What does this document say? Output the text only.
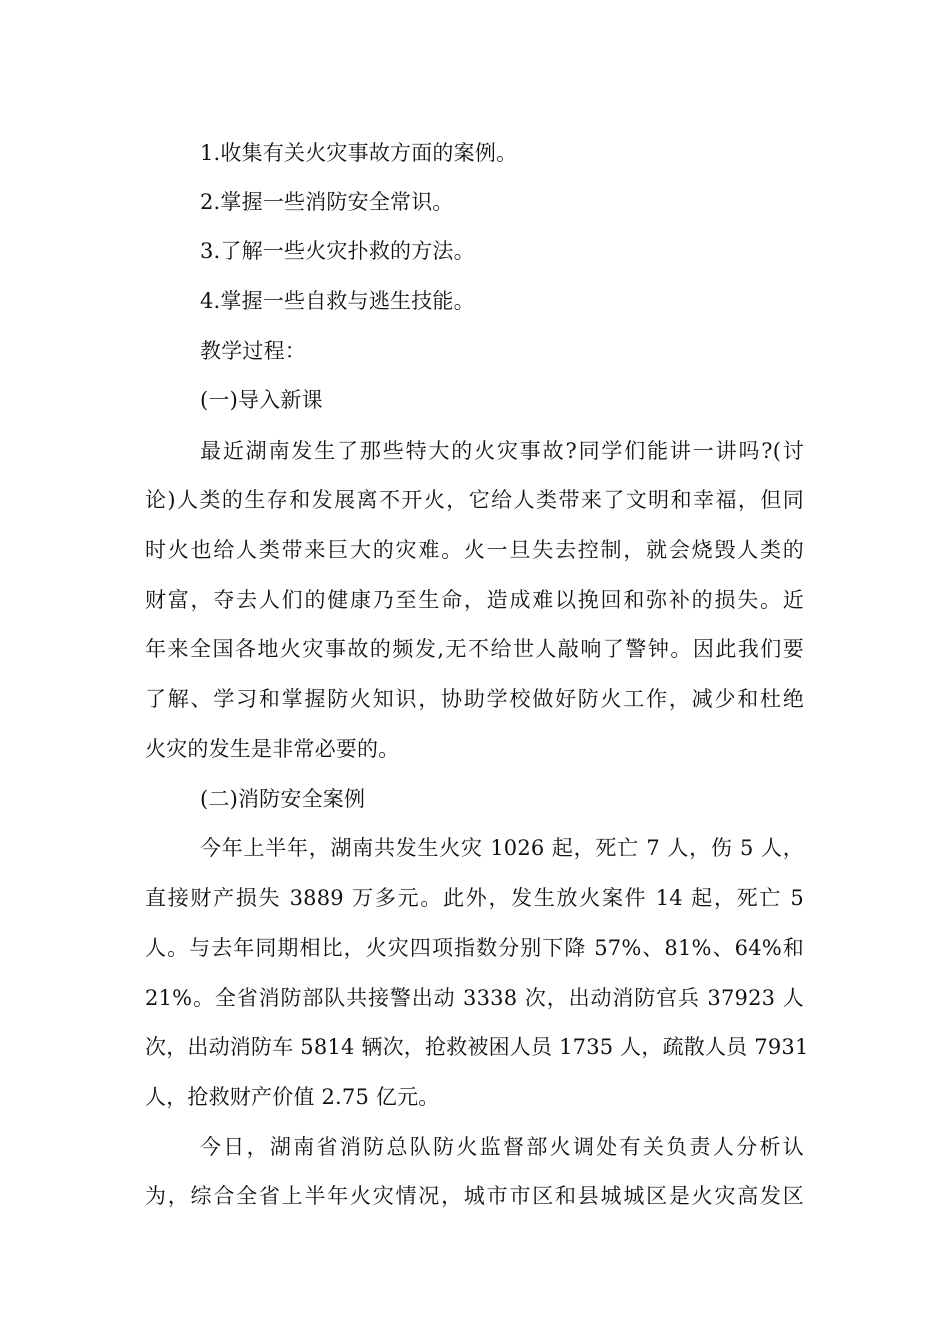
1.收集有关火灾事故方面的案例。
2.掌握一些消防安全常识。
3.了解一些火灾扑救的方法。
4.掌握一些自救与逃生技能。
教学过程：
(一)导入新课
最近湖南发生了那些特大的火灾事故?同学们能讲一讲吗?(讨
论)人类的生存和发展离不开火，它给人类带来了文明和幸福，但同
时火也给人类带来巨大的灾难。火一旦失去控制，就会烧毁人类的
财富，夺去人们的健康乃至生命，造成难以挽回和弥补的损失。近
年来全国各地火灾事故的频发,无不给世人敲响了警钟。因此我们要
了解、学习和掌握防火知识，协助学校做好防火工作，减少和杜绝
火灾的发生是非常必要的。
(二)消防安全案例
今年上半年，湖南共发生火灾 1026 起，死亡 7 人，伤 5 人，
直接财产损失 3889 万多元。此外，发生放火案件 14 起，死亡 5
人。与去年同期相比，火灾四项指数分别下降 57%、81%、64%和
21%。全省消防部队共接警出动 3338 次，出动消防官兵 37923 人
次，出动消防车 5814 辆次，抢救被困人员 1735 人，疏散人员 7931
人，抢救财产价值 2.75 亿元。
今日，湖南省消防总队防火监督部火调处有关负责人分析认
为，综合全省上半年火灾情况，城市市区和县城城区是火灾高发区
